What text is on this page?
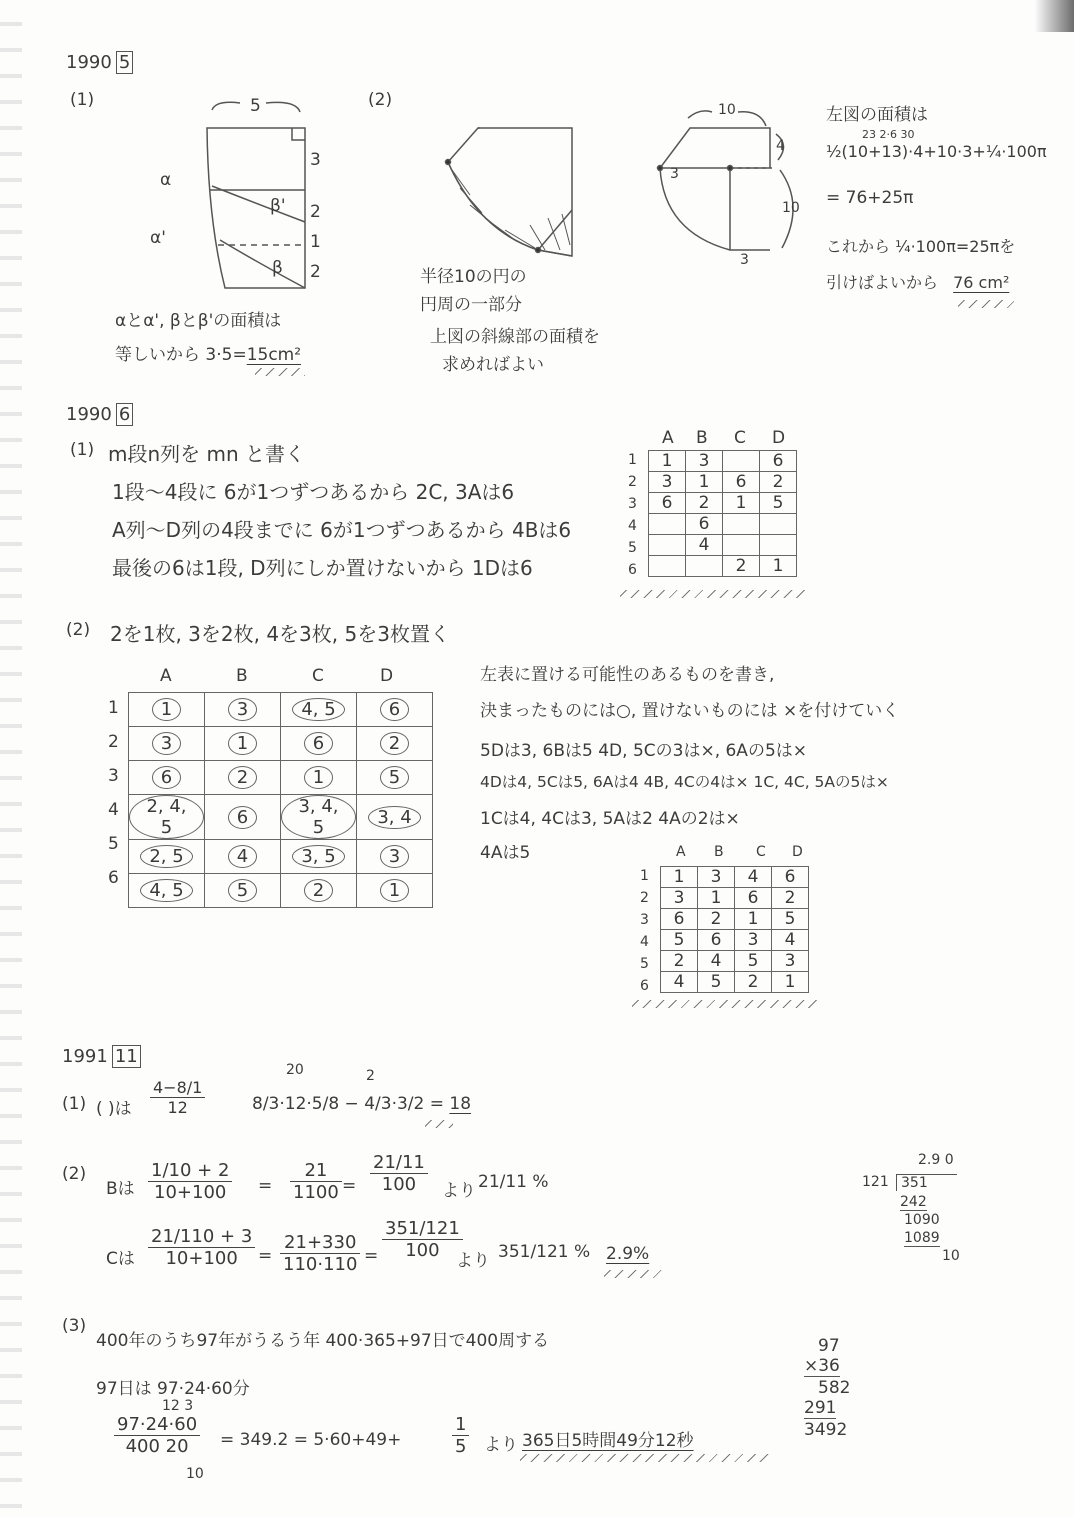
1990 5
(1)	(2)
5
3
2
1
2
α
α'
β'
β
αとα', βとβ'の面積は
等しいから 3·5=15cm²
半径10の円の
円周の一部分
上図の斜線部の面積を
求めればよい
10
4
10
3
3
左図の面積は
23 2·6 30
½(10+13)·4+10·3+¼·100π
= 76+25π
これから ¼·100π=25πを
引けばよいから 76 cm²
1990 6
(1) m段n列を mn と書く
1段〜4段に 6が1つずつあるから 2C, 3Aは6
A列〜D列の4段までに 6が1つずつあるから 4Bは6
最後の6は1段, D列にしか置けないから 1Dは6
A B C D
1
2
3
4
5
6
1	3		6
3	1	6	2
6	2	1	5
	6		
	4		
		2	1
(2) 2を1枚, 3を2枚, 4を3枚, 5を3枚置く
A	B	C	D
1
2
3
4
5
6
1	3	4, 5	6
3	1	6	2
6	2	1	5
2, 4, 5	6	3, 4, 5	3, 4
2, 5	4	3, 5	3
4, 5	5	2	1
左表に置ける可能性のあるものを書き,
決まったものには○, 置けないものには ×を付けていく
5Dは3, 6Bは5 4D, 5Cの3は×, 6Aの5は×
4Dは4, 5Cは5, 6Aは4 4B, 4Cの4は× 1C, 4C, 5Aの5は×
1Cは4, 4Cは3, 5Aは2 4Aの2は×
4Aは5	A B C D
1
2
3
4
5
6
1	3	4	6
3	1	6	2
6	2	1	5
5	6	3	4
2	4	5	3
4	5	2	1
1991 11
(1) ( )は $\frac{4-8/1}{12}$
20	2
8/3·12·5/8 − 4/3·3/2 = 18
(2)
Bは $\frac{1/10 + 2}{10+100} = \frac{21}{1100} = \frac{21/11}{100}$ より 21/11 %
Cは $\frac{21/110 + 3}{10+100} = \frac{21+330}{110\cdot 110} = \frac{351/121}{100}$
より 351/121 % 2.9%
2.9 0
121 351
242
1090
1089
10
(3)
400年のうち97年がうるう年 400·365+97日で400周する
97日は 97·24·60分
12 3
$\frac{97\cdot 24\cdot 60}{400 20}$
10
= 349.2 = 5·60+49+	$\frac{1}{5}$ より 365日5時間49分12秒
97
×36
582
291
3492
